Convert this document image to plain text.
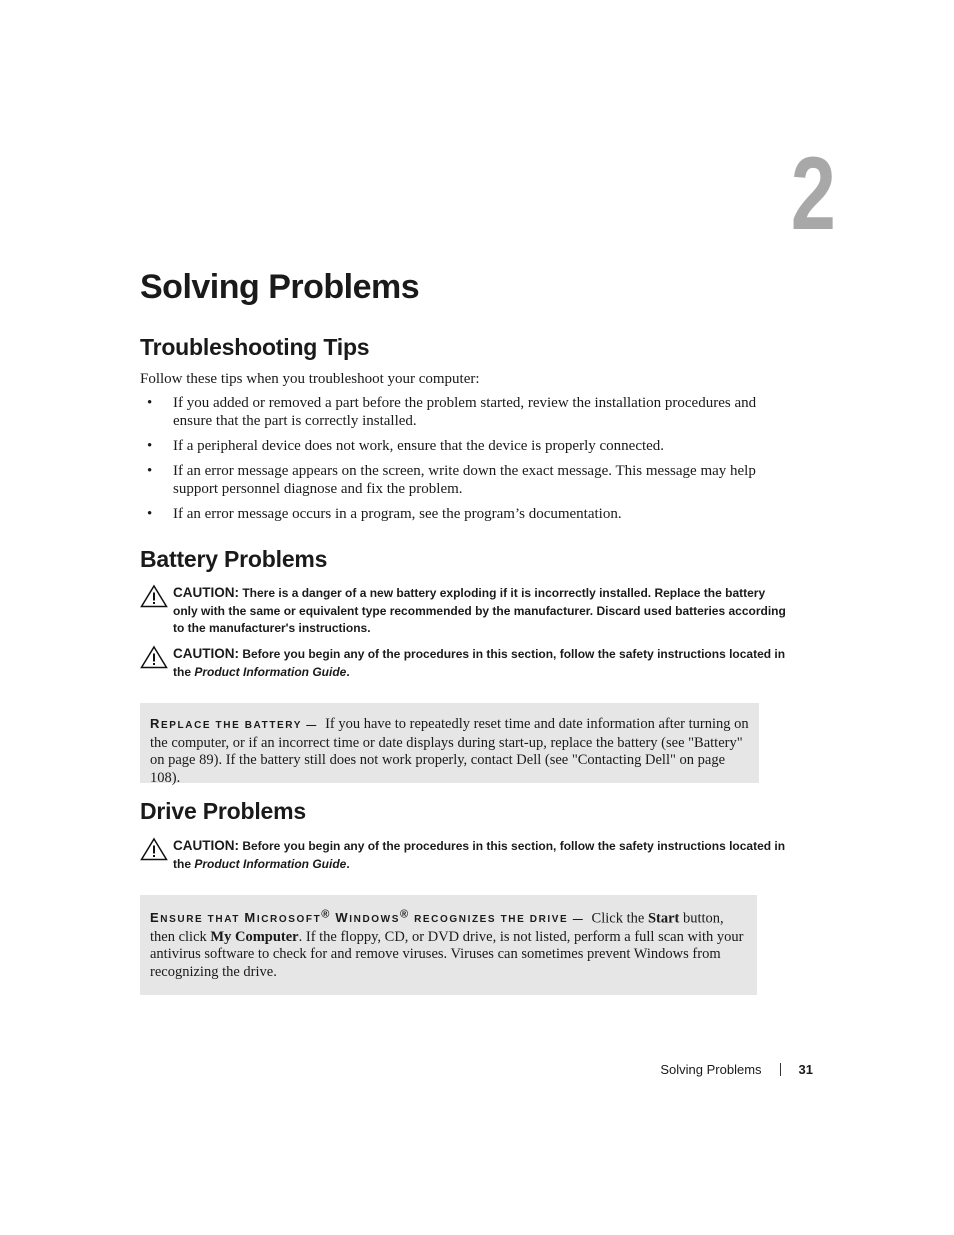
2
Solving Problems
Troubleshooting Tips
Follow these tips when you troubleshoot your computer:
• If you added or removed a part before the problem started, review the installation procedures and ensure that the part is correctly installed.
• If a peripheral device does not work, ensure that the device is properly connected.
• If an error message appears on the screen, write down the exact message. This message may help support personnel diagnose and fix the problem.
• If an error message occurs in a program, see the program’s documentation.
Battery Problems
CAUTION: There is a danger of a new battery exploding if it is incorrectly installed. Replace the battery only with the same or equivalent type recommended by the manufacturer. Discard used batteries according to the manufacturer's instructions.
CAUTION: Before you begin any of the procedures in this section, follow the safety instructions located in the Product Information Guide.
REPLACE THE BATTERY — If you have to repeatedly reset time and date information after turning on the computer, or if an incorrect time or date displays during start-up, replace the battery (see "Battery" on page 89). If the battery still does not work properly, contact Dell (see "Contacting Dell" on page 108).
Drive Problems
CAUTION: Before you begin any of the procedures in this section, follow the safety instructions located in the Product Information Guide.
ENSURE THAT MICROSOFT® WINDOWS® RECOGNIZES THE DRIVE — Click the Start button, then click My Computer. If the floppy, CD, or DVD drive, is not listed, perform a full scan with your antivirus software to check for and remove viruses. Viruses can sometimes prevent Windows from recognizing the drive.
Solving Problems	31
